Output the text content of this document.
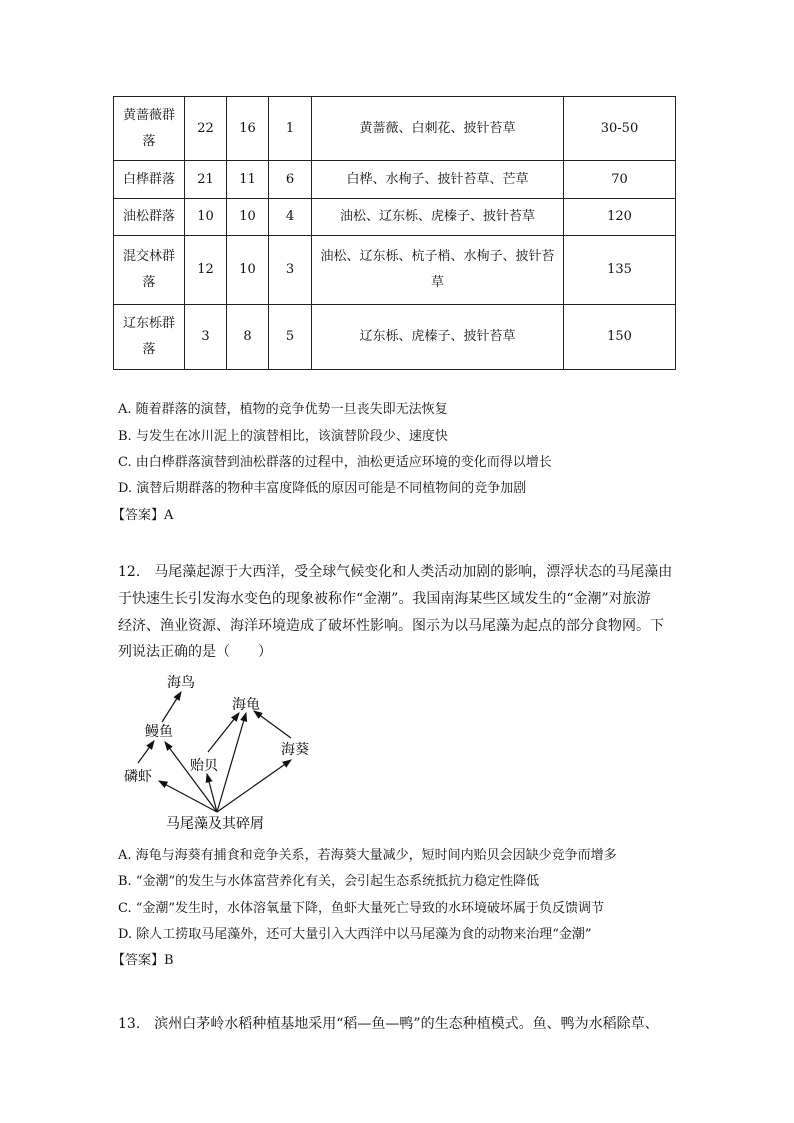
黄蔷薇群落	22	16	1	黄蔷薇、白刺花、披针苔草	30-50
白桦群落	21	11	6	白桦、水栒子、披针苔草、芒草	70
油松群落	10	10	4	油松、辽东栎、虎榛子、披针苔草	120
混交林群落	12	10	3	油松、辽东栎、杭子梢、水栒子、披针苔草	135
辽东栎群落	3	8	5	辽东栎、虎榛子、披针苔草	150
A. 随着群落的演替，植物的竞争优势一旦丧失即无法恢复
B. 与发生在冰川泥上的演替相比，该演替阶段少、速度快
C. 由白桦群落演替到油松群落的过程中，油松更适应环境的变化而得以增长
D. 演替后期群落的物种丰富度降低的原因可能是不同植物间的竞争加剧
【答案】A
12.　马尾藻起源于大西洋，受全球气候变化和人类活动加剧的影响，漂浮状态的马尾藻由
于快速生长引发海水变色的现象被称作“金潮”。我国南海某些区域发生的“金潮”对旅游
经济、渔业资源、海洋环境造成了破坏性影响。图示为以马尾藻为起点的部分食物网。下
列说法正确的是（　　）
海鸟
鳗鱼
海龟
贻贝
海葵
磷虾
马尾藻及其碎屑
A. 海龟与海葵有捕食和竞争关系，若海葵大量减少，短时间内贻贝会因缺少竞争而增多
B. “金潮”的发生与水体富营养化有关，会引起生态系统抵抗力稳定性降低
C. “金潮”发生时，水体溶氧量下降，鱼虾大量死亡导致的水环境破坏属于负反馈调节
D. 除人工捞取马尾藻外，还可大量引入大西洋中以马尾藻为食的动物来治理“金潮”
【答案】B
13.　滨州白茅岭水稻种植基地采用“稻—鱼—鸭”的生态种植模式。鱼、鸭为水稻除草、
